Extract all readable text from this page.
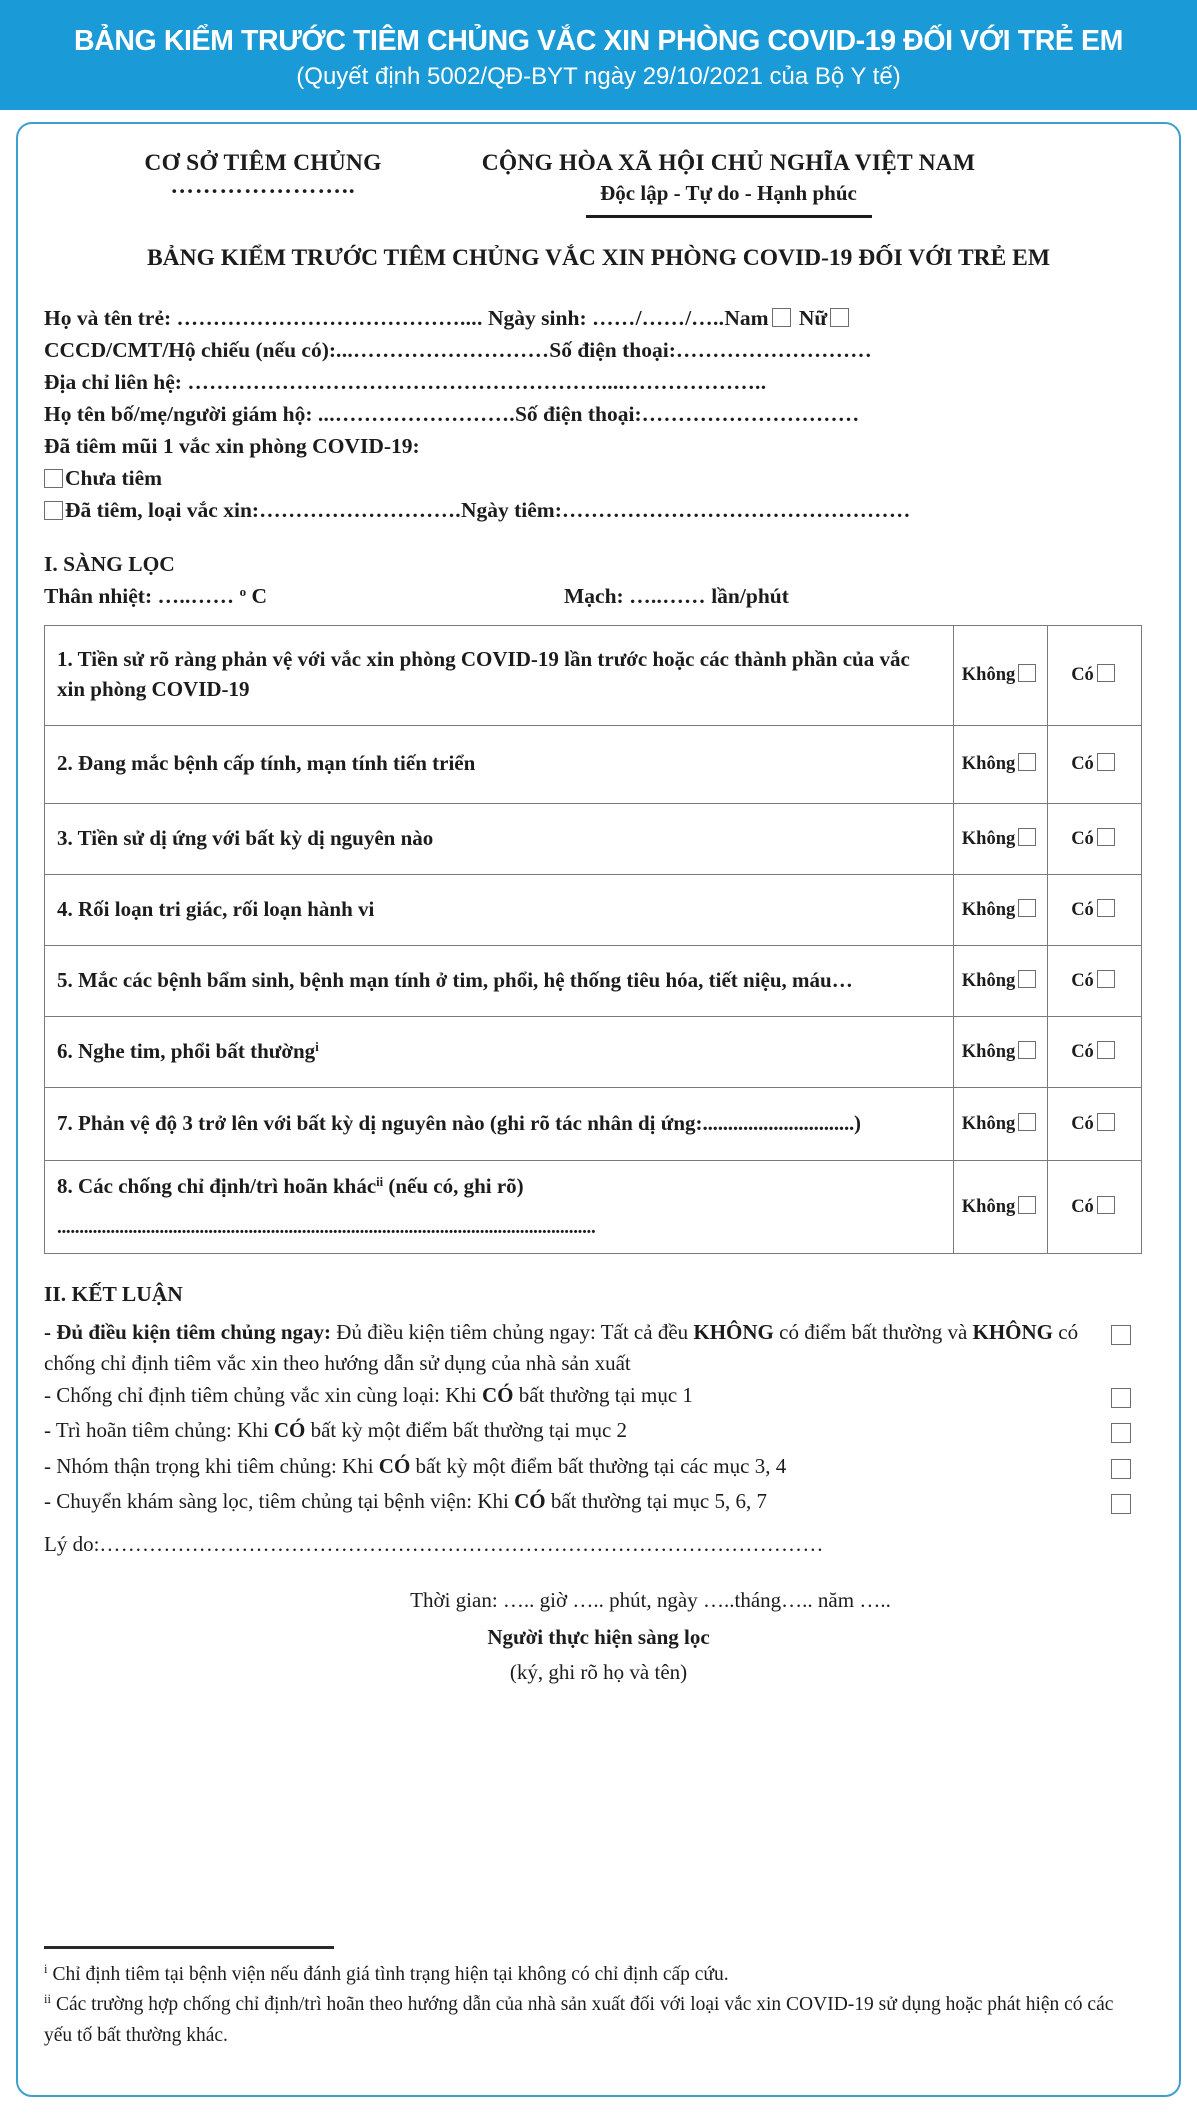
BẢNG KIỂM TRƯỚC TIÊM CHỦNG VẮC XIN PHÒNG COVID-19 ĐỐI VỚI TRẺ EM
(Quyết định 5002/QĐ-BYT ngày 29/10/2021 của Bộ Y tế)
CƠ SỞ TIÊM CHỦNG
…………………..
CỘNG HÒA XÃ HỘI CHỦ NGHĨA VIỆT NAM
Độc lập - Tự do - Hạnh phúc
BẢNG KIỂM TRƯỚC TIÊM CHỦNG VẮC XIN PHÒNG COVID-19 ĐỐI VỚI TRẺ EM
Họ và tên trẻ: ………………………………….... Ngày sinh: ……/……/…..Nam Nữ
CCCD/CMT/Hộ chiếu (nếu có):...………………………Số điện thoại:………………………
Địa chỉ liên hệ: …………………………………………………....………………..
Họ tên bố/mẹ/người giám hộ: ...…………………….Số điện thoại:…………………………
Đã tiêm mũi 1 vắc xin phòng COVID-19:
Chưa tiêm
Đã tiêm, loại vắc xin:……………………….Ngày tiêm:…………………………………………
I. SÀNG LỌC
Thân nhiệt: …..…… $^o$ C	Mạch: …..…… lần/phút
1. Tiền sử rõ ràng phản vệ với vắc xin phòng COVID-19 lần trước hoặc các thành phần của vắc xin phòng COVID-19	Không	Có
2. Đang mắc bệnh cấp tính, mạn tính tiến triển	Không	Có
3. Tiền sử dị ứng với bất kỳ dị nguyên nào	Không	Có
4. Rối loạn tri giác, rối loạn hành vi	Không	Có
5. Mắc các bệnh bẩm sinh, bệnh mạn tính ở tim, phổi, hệ thống tiêu hóa, tiết niệu, máu…	Không	Có
6. Nghe tim, phổi bất thường$^i$	Không	Có
7. Phản vệ độ 3 trở lên với bất kỳ dị nguyên nào (ghi rõ tác nhân dị ứng:..............................)	Không	Có
8. Các chống chỉ định/trì hoãn khác$^{ii}$ (nếu có, ghi rõ)
.........................................................................................................................	Không	Có
II. KẾT LUẬN
- Đủ điều kiện tiêm chủng ngay: Đủ điều kiện tiêm chủng ngay: Tất cả đều KHÔNG có điểm bất thường và KHÔNG có chống chỉ định tiêm vắc xin theo hướng dẫn sử dụng của nhà sản xuất
- Chống chỉ định tiêm chủng vắc xin cùng loại: Khi CÓ bất thường tại mục 1
- Trì hoãn tiêm chủng: Khi CÓ bất kỳ một điểm bất thường tại mục 2
- Nhóm thận trọng khi tiêm chủng: Khi CÓ bất kỳ một điểm bất thường tại các mục 3, 4
- Chuyển khám sàng lọc, tiêm chủng tại bệnh viện: Khi CÓ bất thường tại mục 5, 6, 7
Lý do:…………………………………………………………………………………………
Thời gian: ….. giờ ….. phút, ngày …..tháng….. năm …..
Người thực hiện sàng lọc
(ký, ghi rõ họ và tên)
$^i$ Chỉ định tiêm tại bệnh viện nếu đánh giá tình trạng hiện tại không có chỉ định cấp cứu.
$^{ii}$ Các trường hợp chống chỉ định/trì hoãn theo hướng dẫn của nhà sản xuất đối với loại vắc xin COVID-19 sử dụng hoặc phát hiện có các yếu tố bất thường khác.
